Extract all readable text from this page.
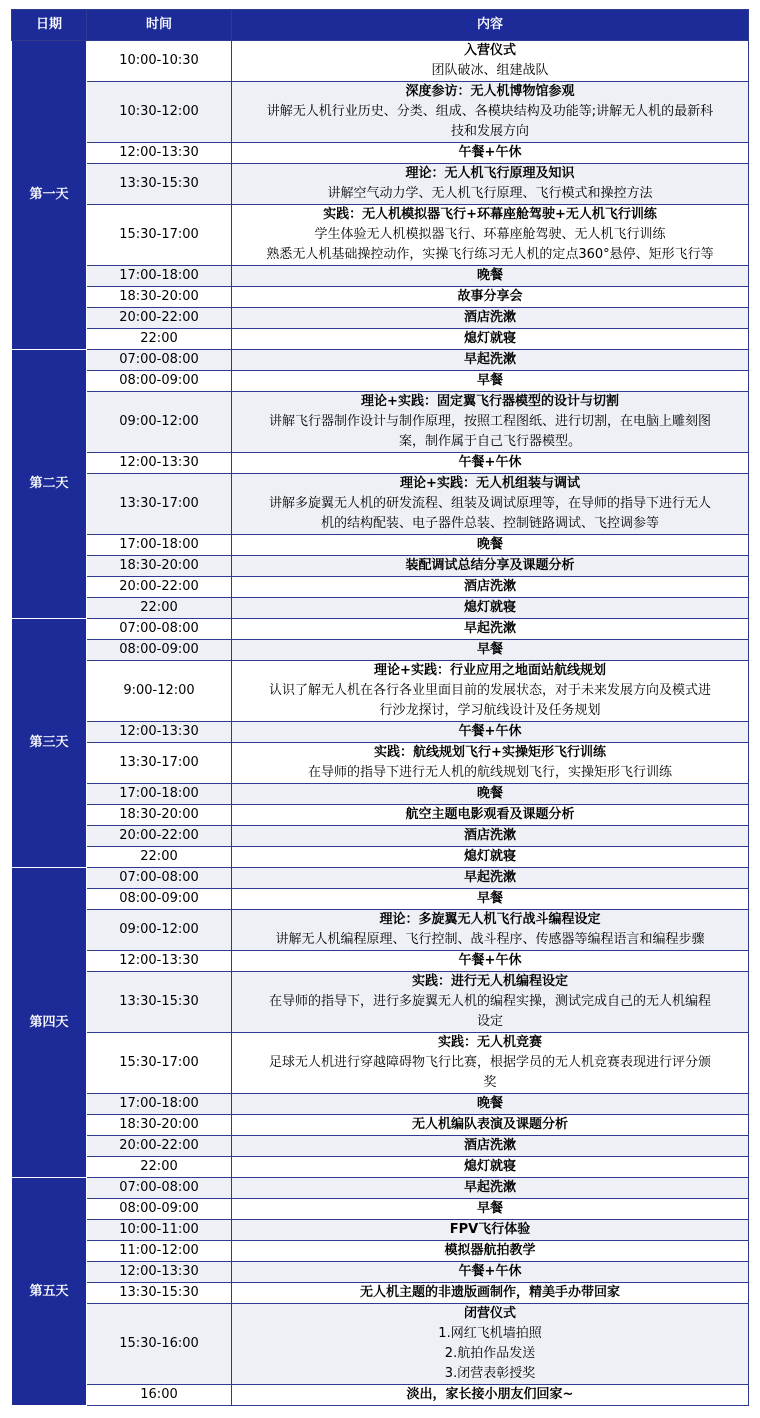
日期	时间	内容
第一天	10:00-10:30	入营仪式
团队破冰、组建战队

	10:30-12:00	深度参访：无人机博物馆参观
讲解无人机行业历史、分类、组成、各模块结构及功能等;讲解无人机的最新科
技和发展方向

	12:00-13:30	午餐+午休

	13:30-15:30	理论：无人机飞行原理及知识
讲解空气动力学、无人机飞行原理、飞行模式和操控方法

	15:30-17:00	实践：无人机模拟器飞行+环幕座舱驾驶+无人机飞行训练
学生体验无人机模拟器飞行、环幕座舱驾驶、无人机飞行训练
熟悉无人机基础操控动作，实操飞行练习无人机的定点360°悬停、矩形飞行等

	17:00-18:00	晚餐

	18:30-20:00	故事分享会

	20:00-22:00	酒店洗漱

	22:00	熄灯就寝

第二天	07:00-08:00	早起洗漱

	08:00-09:00	早餐

	09:00-12:00	理论+实践：固定翼飞行器模型的设计与切割
讲解飞行器制作设计与制作原理，按照工程图纸、进行切割，在电脑上雕刻图
案，制作属于自己飞行器模型。

	12:00-13:30	午餐+午休

	13:30-17:00	理论+实践：无人机组装与调试
讲解多旋翼无人机的研发流程、组装及调试原理等，在导师的指导下进行无人
机的结构配装、电子器件总装、控制链路调试、飞控调参等

	17:00-18:00	晚餐

	18:30-20:00	装配调试总结分享及课题分析

	20:00-22:00	酒店洗漱

	22:00	熄灯就寝

第三天	07:00-08:00	早起洗漱

	08:00-09:00	早餐

	9:00-12:00	理论+实践：行业应用之地面站航线规划
认识了解无人机在各行各业里面目前的发展状态，对于未来发展方向及模式进
行沙龙探讨，学习航线设计及任务规划

	12:00-13:30	午餐+午休

	13:30-17:00	实践：航线规划飞行+实操矩形飞行训练
在导师的指导下进行无人机的航线规划飞行，实操矩形飞行训练

	17:00-18:00	晚餐

	18:30-20:00	航空主题电影观看及课题分析

	20:00-22:00	酒店洗漱

	22:00	熄灯就寝

第四天	07:00-08:00	早起洗漱

	08:00-09:00	早餐

	09:00-12:00	理论：多旋翼无人机飞行战斗编程设定
讲解无人机编程原理、飞行控制、战斗程序、传感器等编程语言和编程步骤

	12:00-13:30	午餐+午休

	13:30-15:30	实践：进行无人机编程设定
在导师的指导下，进行多旋翼无人机的编程实操，测试完成自己的无人机编程
设定

	15:30-17:00	实践：无人机竞赛
足球无人机进行穿越障碍物飞行比赛，根据学员的无人机竞赛表现进行评分颁
奖

	17:00-18:00	晚餐

	18:30-20:00	无人机编队表演及课题分析

	20:00-22:00	酒店洗漱

	22:00	熄灯就寝

第五天	07:00-08:00	早起洗漱

	08:00-09:00	早餐

	10:00-11:00	FPV飞行体验

	11:00-12:00	模拟器航拍教学

	12:00-13:30	午餐+午休

	13:30-15:30	无人机主题的非遗版画制作，精美手办带回家

	15:30-16:00	闭营仪式
1.网红飞机墙拍照
2.航拍作品发送
3.闭营表彰授奖

	16:00	淡出，家长接小朋友们回家~
